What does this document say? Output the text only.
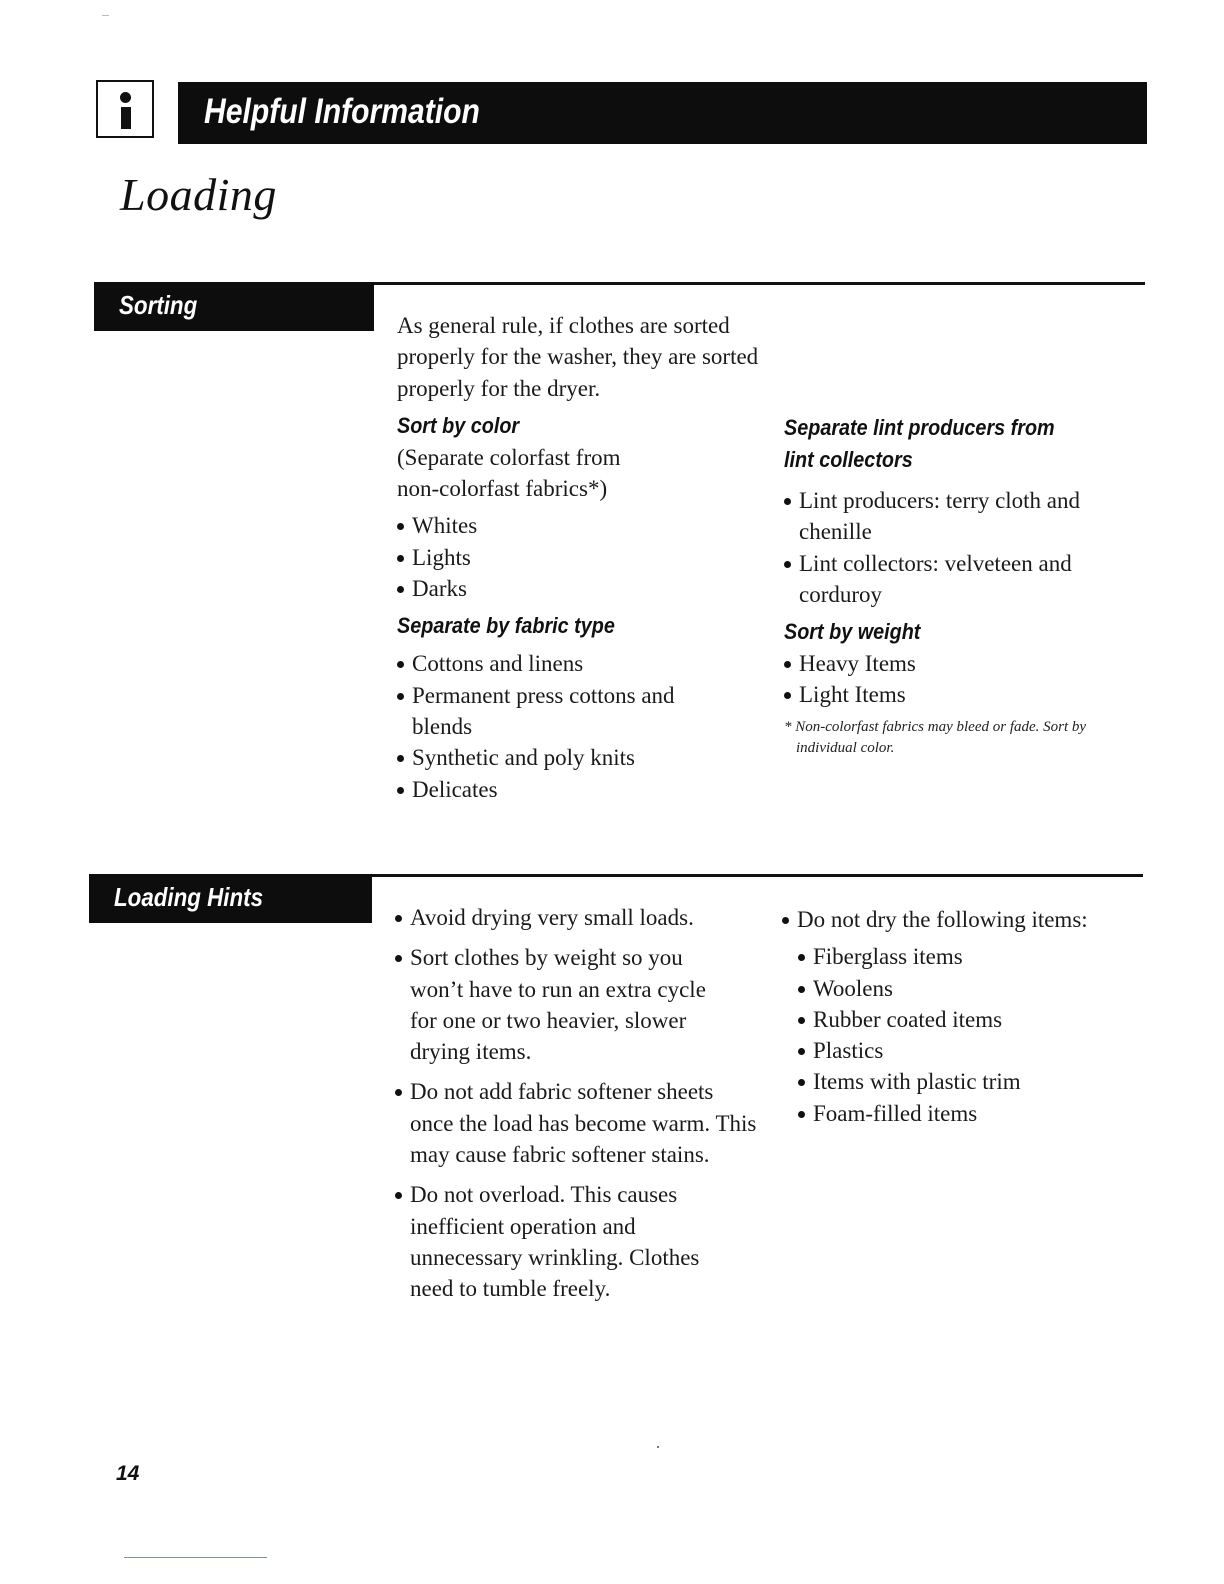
Helpful Information
Loading
Sorting

As general rule, if clothes are sorted properly for the washer, they are sorted properly for the dryer.

Sort by color

(Separate colorfast from non-colorfast fabrics*)

Whites
Lights
Darks
Separate by fabric type
Cottons and linens
Permanent press cottons and blends
Synthetic and poly knits
Delicates
Separate lint producers from
lint collectors
Lint producers: terry cloth and chenille
Lint collectors: velveteen and corduroy
Sort by weight
Heavy Items
Light Items
* Non-colorfast fabrics may bleed or fade. Sort by individual color.
Loading Hints
Avoid drying very small loads.
Sort clothes by weight so you won’t have to run an extra cycle for one or two heavier, slower drying items.
Do not add fabric softener sheets once the load has become warm. This may cause fabric softener stains.
Do not overload. This causes inefficient operation and unnecessary wrinkling. Clothes need to tumble freely.
Do not dry the following items:
Fiberglass items
Woolens
Rubber coated items
Plastics
Items with plastic trim
Foam-filled items
14
